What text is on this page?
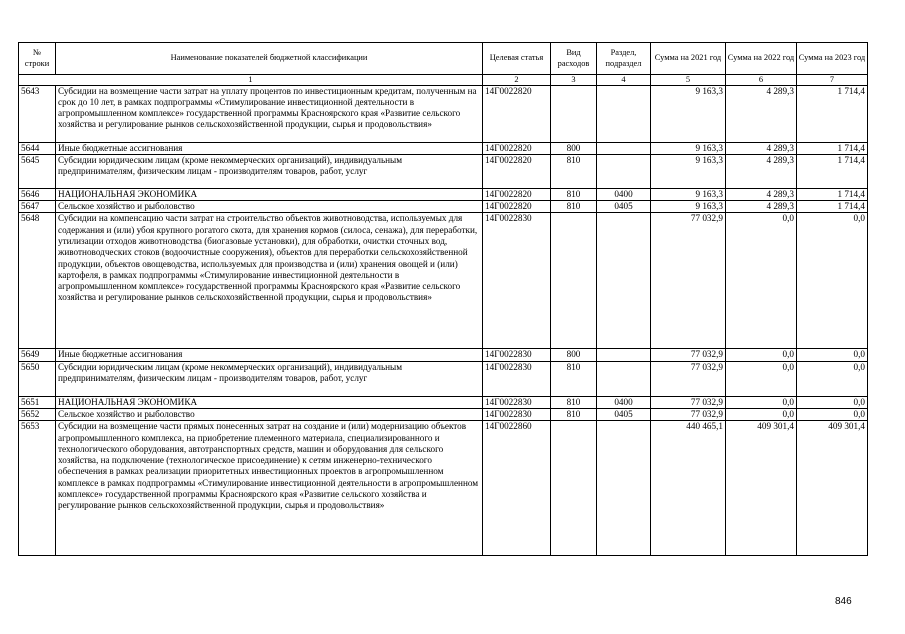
№ строки	Наименование показателей бюджетной классификации	Целевая статья	Вид расходов	Раздел, подраздел	Сумма на 2021 год	Сумма на 2022 год	Сумма на 2023 год
1		2	3	4	5	6	7
5643	Субсидии на возмещение части затрат на уплату процентов по инвестиционным кредитам, полученным на срок до 10 лет, в рамках подпрограммы «Стимулирование инвестиционной деятельности в агропромышленном комплексе» государственной программы Красноярского края «Развитие сельского хозяйства и регулирование рынков сельскохозяйственной продукции, сырья и продовольствия»	14Г0022820			9 163,3	4 289,3	1 714,4
5644	Иные бюджетные ассигнования	14Г0022820	800		9 163,3	4 289,3	1 714,4
5645	Субсидии юридическим лицам (кроме некоммерческих организаций), индивидуальным предпринимателям, физическим лицам - производителям товаров, работ, услуг	14Г0022820	810		9 163,3	4 289,3	1 714,4
5646	НАЦИОНАЛЬНАЯ ЭКОНОМИКА	14Г0022820	810	0400	9 163,3	4 289,3	1 714,4
5647	Сельское хозяйство и рыболовство	14Г0022820	810	0405	9 163,3	4 289,3	1 714,4
5648	Субсидии на компенсацию части затрат на строительство объектов животноводства, используемых для содержания и (или) убоя крупного рогатого скота, для хранения кормов (силоса, сенажа), для переработки, утилизации отходов животноводства (биогазовые установки), для обработки, очистки сточных вод, животноводческих стоков (водоочистные сооружения), объектов для переработки сельскохозяйственной продукции, объектов овощеводства, используемых для производства и (или) хранения овощей и (или) картофеля, в рамках подпрограммы «Стимулирование инвестиционной деятельности в агропромышленном комплексе» государственной программы Красноярского края «Развитие сельского хозяйства и регулирование рынков сельскохозяйственной продукции, сырья и продовольствия»	14Г0022830			77 032,9	0,0	0,0
5649	Иные бюджетные ассигнования	14Г0022830	800		77 032,9	0,0	0,0
5650	Субсидии юридическим лицам (кроме некоммерческих организаций), индивидуальным предпринимателям, физическим лицам - производителям товаров, работ, услуг	14Г0022830	810		77 032,9	0,0	0,0
5651	НАЦИОНАЛЬНАЯ ЭКОНОМИКА	14Г0022830	810	0400	77 032,9	0,0	0,0
5652	Сельское хозяйство и рыболовство	14Г0022830	810	0405	77 032,9	0,0	0,0
5653	Субсидии на возмещение части прямых понесенных затрат на создание и (или) модернизацию объектов агропромышленного комплекса, на приобретение племенного материала, специализированного и технологического оборудования, автотранспортных средств, машин и оборудования для сельского хозяйства, на подключение (технологическое присоединение) к сетям инженерно-технического обеспечения в рамках реализации приоритетных инвестиционных проектов в агропромышленном комплексе в рамках подпрограммы «Стимулирование инвестиционной деятельности в агропромышленном комплексе» государственной программы Красноярского края «Развитие сельского хозяйства и регулирование рынков сельскохозяйственной продукции, сырья и продовольствия»	14Г0022860			440 465,1	409 301,4	409 301,4
846
